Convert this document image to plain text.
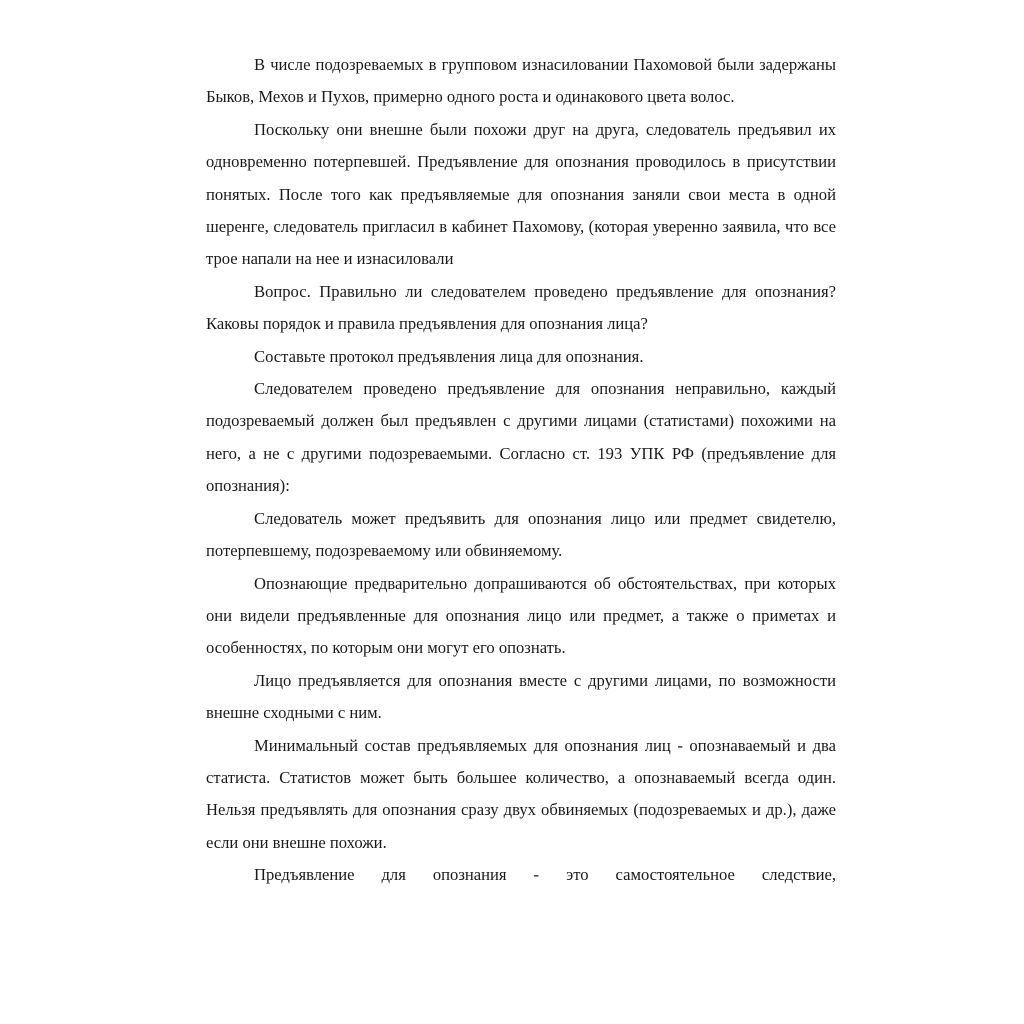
В числе подозреваемых в групповом изнасиловании Пахомовой были задержаны Быков, Мехов и Пухов, примерно одного роста и одинакового цвета волос.

Поскольку они внешне были похожи друг на друга, следователь предъявил их одновременно потерпевшей. Предъявление для опознания проводилось в присутствии понятых. После того как предъявляемые для опознания заняли свои места в одной шеренге, следователь пригласил в кабинет Пахомову, (которая уверенно заявила, что все трое напали на нее и изнасиловали

Вопрос. Правильно ли следователем проведено предъявление для опознания? Каковы порядок и правила предъявления для опознания лица?

Составьте протокол предъявления лица для опознания.

Следователем проведено предъявление для опознания неправильно, каждый подозреваемый должен был предъявлен с другими лицами (статистами) похожими на него, а не с другими подозреваемыми. Согласно ст. 193 УПК РФ (предъявление для опознания):

Следователь может предъявить для опознания лицо или предмет свидетелю, потерпевшему, подозреваемому или обвиняемому.

Опознающие предварительно допрашиваются об обстоятельствах, при которых они видели предъявленные для опознания лицо или предмет, а также о приметах и особенностях, по которым они могут его опознать.

Лицо предъявляется для опознания вместе с другими лицами, по возможности внешне сходными с ним.

Минимальный состав предъявляемых для опознания лиц - опознаваемый и два статиста. Статистов может быть большее количество, а опознаваемый всегда один. Нельзя предъявлять для опознания сразу двух обвиняемых (подозреваемых и др.), даже если они внешне похожи.

Предъявление для опознания - это самостоятельное следствие,
